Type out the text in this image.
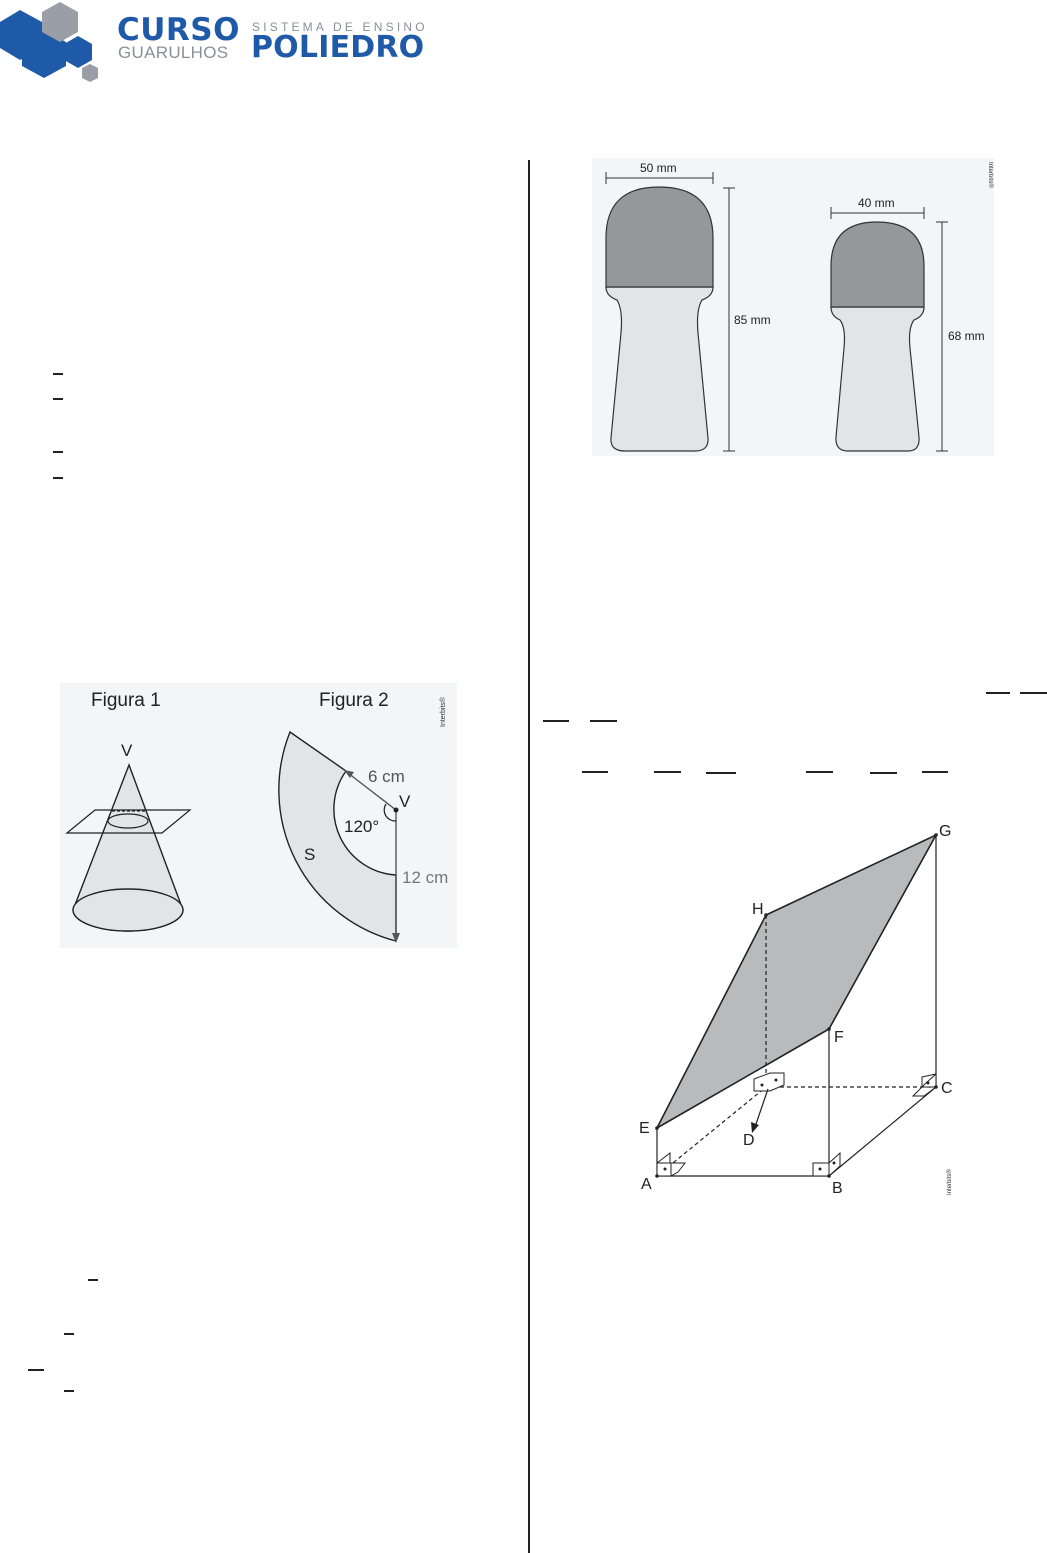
CURSO
GUARULHOS
SISTEMA DE ENSINO
POLIEDRO
Figura 1	Figura 2	Interbits®
V
6 cm
V
120°
S
12 cm
Interbits®
50 mm
85 mm
40 mm
68 mm
Interbits®
A	B
C
D
E
F
G
H
